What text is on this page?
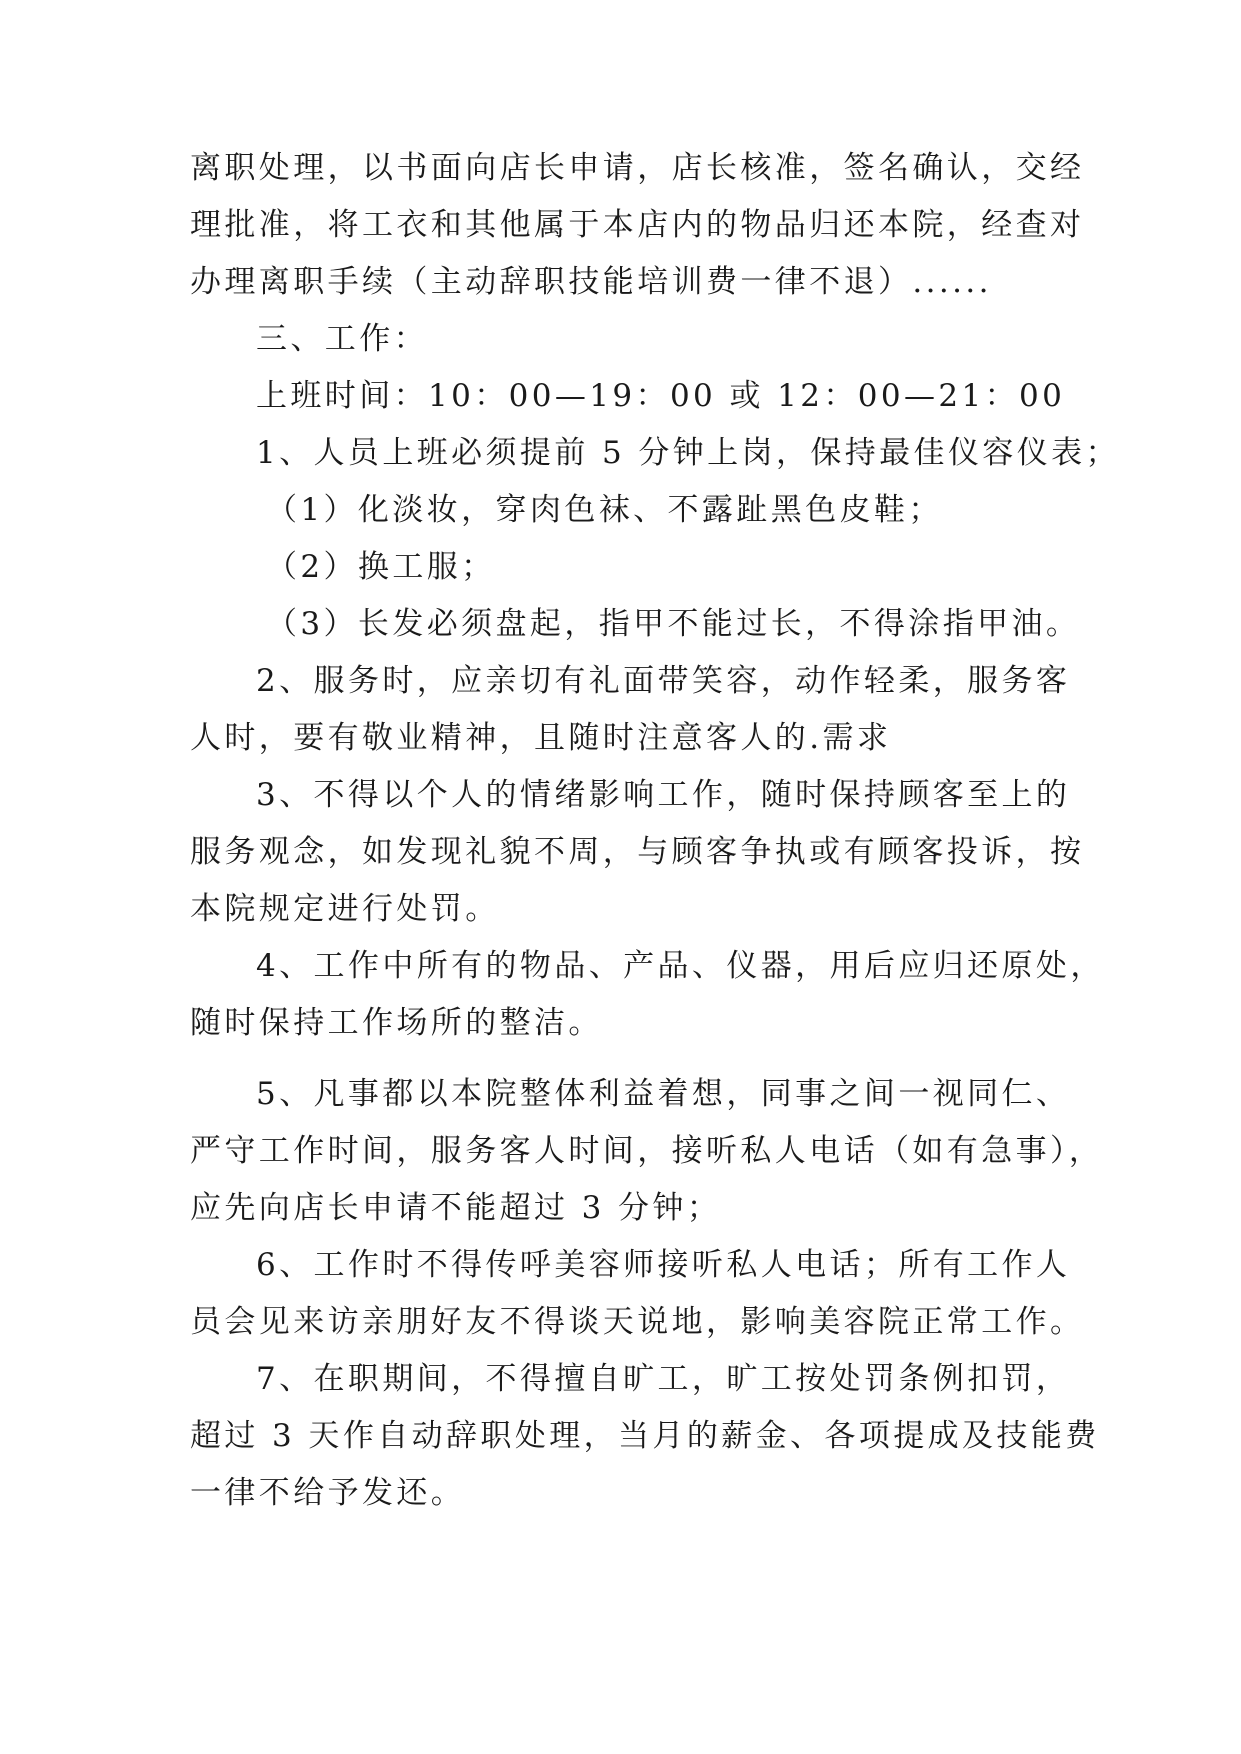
离职处理，以书面向店长申请，店长核准，签名确认，交经
理批准，将工衣和其他属于本店内的物品归还本院，经查对
办理离职手续（主动辞职技能培训费一律不退）......
三、工作：
上班时间：10：00—19：00 或 12：00—21：00
1、人员上班必须提前 5 分钟上岗，保持最佳仪容仪表；
（1）化淡妆，穿肉色袜、不露趾黑色皮鞋；
（2）换工服；
（3）长发必须盘起，指甲不能过长，不得涂指甲油。
2、服务时，应亲切有礼面带笑容，动作轻柔，服务客
人时，要有敬业精神，且随时注意客人的.需求
3、不得以个人的情绪影响工作，随时保持顾客至上的
服务观念，如发现礼貌不周，与顾客争执或有顾客投诉，按
本院规定进行处罚。
4、工作中所有的物品、产品、仪器，用后应归还原处，
随时保持工作场所的整洁。
5、凡事都以本院整体利益着想，同事之间一视同仁、
严守工作时间，服务客人时间，接听私人电话（如有急事），
应先向店长申请不能超过 3 分钟；
6、工作时不得传呼美容师接听私人电话；所有工作人
员会见来访亲朋好友不得谈天说地，影响美容院正常工作。
7、在职期间，不得擅自旷工，旷工按处罚条例扣罚，
超过 3 天作自动辞职处理，当月的薪金、各项提成及技能费
一律不给予发还。
